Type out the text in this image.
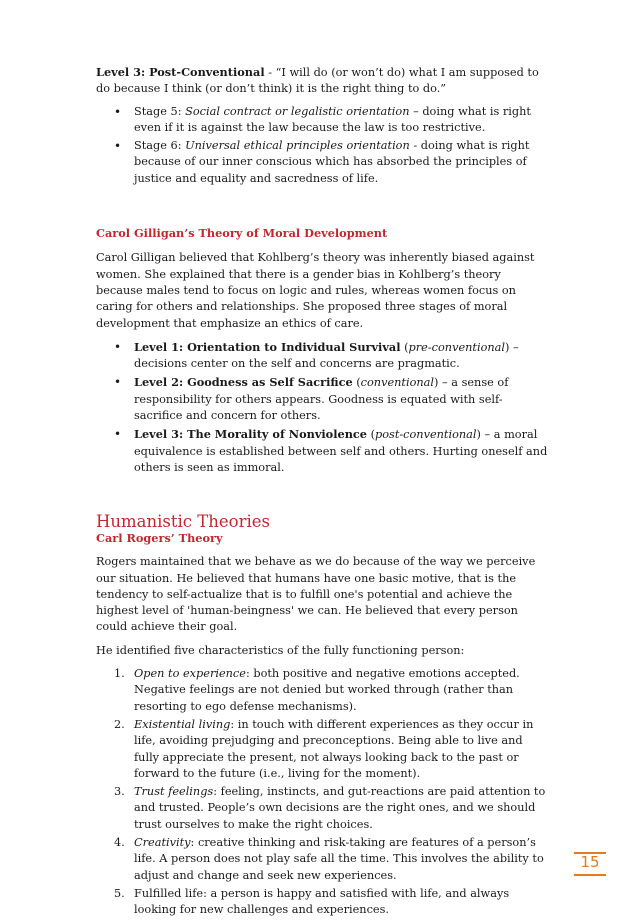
Level 3: Post-Conventional - “I will do (or won’t do) what I am supposed to do because I think (or don’t think) it is the right thing to do.”

• Stage 5: Social contract or legalistic orientation – doing what is right even if it is against the law because the law is too restrictive.
• Stage 6: Universal ethical principles orientation - doing what is right because of our inner conscious which has absorbed the principles of justice and equality and sacredness of life.

Carol Gilligan’s Theory of Moral Development

Carol Gilligan believed that Kohlberg’s theory was inherently biased against women. She explained that there is a gender bias in Kohlberg’s theory because males tend to focus on logic and rules, whereas women focus on caring for others and relationships. She proposed three stages of moral development that emphasize an ethics of care.

• Level 1: Orientation to Individual Survival (pre-conventional) – decisions center on the self and concerns are pragmatic.
• Level 2: Goodness as Self Sacrifice (conventional) – a sense of responsibility for others appears. Goodness is equated with self-sacrifice and concern for others.
• Level 3: The Morality of Nonviolence (post-conventional) – a moral equivalence is established between self and others. Hurting oneself and others is seen as immoral.

Humanistic Theories

Carl Rogers’ Theory

Rogers maintained that we behave as we do because of the way we perceive our situation. He believed that humans have one basic motive, that is the tendency to self-actualize that is to fulfill one's potential and achieve the highest level of 'human-beingness' we can. He believed that every person could achieve their goal.

He identified five characteristics of the fully functioning person:

1. Open to experience: both positive and negative emotions accepted. Negative feelings are not denied but worked through (rather than resorting to ego defense mechanisms).
2. Existential living: in touch with different experiences as they occur in life, avoiding prejudging and preconceptions. Being able to live and fully appreciate the present, not always looking back to the past or forward to the future (i.e., living for the moment).
3. Trust feelings: feeling, instincts, and gut-reactions are paid attention to and trusted. People’s own decisions are the right ones, and we should trust ourselves to make the right choices.
4. Creativity: creative thinking and risk-taking are features of a person’s life. A person does not play safe all the time. This involves the ability to adjust and change and seek new experiences.
5. Fulfilled life: a person is happy and satisfied with life, and always looking for new challenges and experiences.
15
